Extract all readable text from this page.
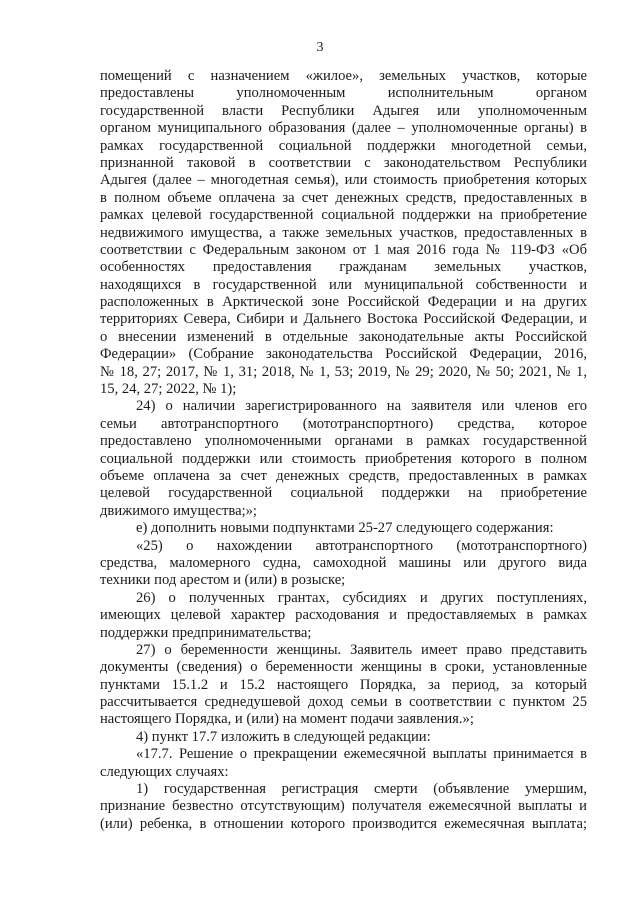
3
помещений с назначением «жилое», земельных участков, которые
предоставлены уполномоченным исполнительным органом
государственной власти Республики Адыгея или уполномоченным
органом муниципального образования (далее – уполномоченные органы) в
рамках государственной социальной поддержки многодетной семьи,
признанной таковой в соответствии с законодательством Республики
Адыгея (далее – многодетная семья), или стоимость приобретения которых
в полном объеме оплачена за счет денежных средств, предоставленных в
рамках целевой государственной социальной поддержки на приобретение
недвижимого имущества, а также земельных участков, предоставленных в
соответствии с Федеральным законом от 1 мая 2016 года № 119-ФЗ «Об
особенностях предоставления гражданам земельных участков,
находящихся в государственной или муниципальной собственности и
расположенных в Арктической зоне Российской Федерации и на других
территориях Севера, Сибири и Дальнего Востока Российской Федерации, и
о внесении изменений в отдельные законодательные акты Российской
Федерации» (Собрание законодательства Российской Федерации, 2016,
№ 18, 27; 2017, № 1, 31; 2018, № 1, 53; 2019, № 29; 2020, № 50; 2021, № 1,
15, 24, 27; 2022, № 1);
24) о наличии зарегистрированного на заявителя или членов его
семьи автотранспортного (мототранспортного) средства, которое
предоставлено уполномоченными органами в рамках государственной
социальной поддержки или стоимость приобретения которого в полном
объеме оплачена за счет денежных средств, предоставленных в рамках
целевой государственной социальной поддержки на приобретение
движимого имущества;»;
е) дополнить новыми подпунктами 25-27 следующего содержания:
«25) о нахождении автотранспортного (мототранспортного)
средства, маломерного судна, самоходной машины или другого вида
техники под арестом и (или) в розыске;
26) о полученных грантах, субсидиях и других поступлениях,
имеющих целевой характер расходования и предоставляемых в рамках
поддержки предпринимательства;
27) о беременности женщины. Заявитель имеет право представить
документы (сведения) о беременности женщины в сроки, установленные
пунктами 15.1.2 и 15.2 настоящего Порядка, за период, за который
рассчитывается среднедушевой доход семьи в соответствии с пунктом 25
настоящего Порядка, и (или) на момент подачи заявления.»;
4) пункт 17.7 изложить в следующей редакции:
«17.7. Решение о прекращении ежемесячной выплаты принимается в
следующих случаях:
1) государственная регистрация смерти (объявление умершим,
признание безвестно отсутствующим) получателя ежемесячной выплаты и
(или) ребенка, в отношении которого производится ежемесячная выплата;
